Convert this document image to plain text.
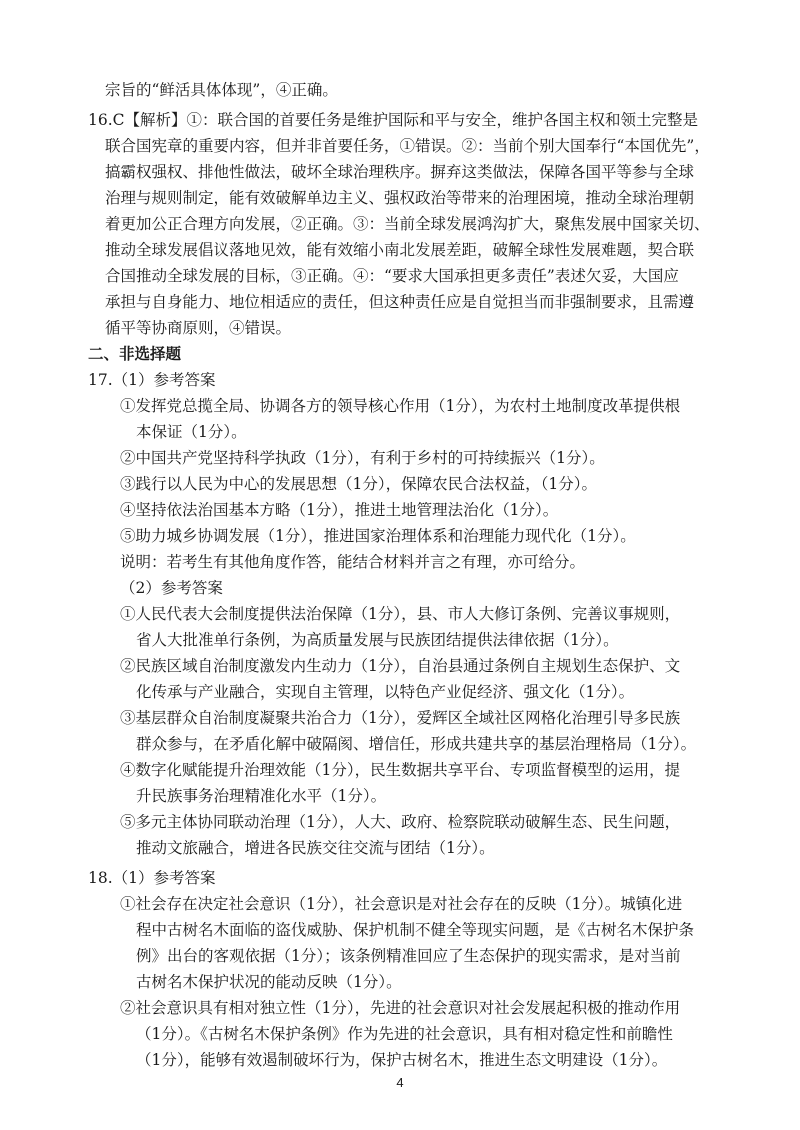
宗旨的“鲜活具体体现”，④正确。
16.C【解析】①：联合国的首要任务是维护国际和平与安全，维护各国主权和领土完整是
联合国宪章的重要内容，但并非首要任务，①错误。②：当前个别大国奉行“本国优先”，
搞霸权强权、排他性做法，破坏全球治理秩序。摒弃这类做法，保障各国平等参与全球
治理与规则制定，能有效破解单边主义、强权政治等带来的治理困境，推动全球治理朝
着更加公正合理方向发展，②正确。③：当前全球发展鸿沟扩大，聚焦发展中国家关切、
推动全球发展倡议落地见效，能有效缩小南北发展差距，破解全球性发展难题，契合联
合国推动全球发展的目标，③正确。④：“要求大国承担更多责任”表述欠妥，大国应
承担与自身能力、地位相适应的责任，但这种责任应是自觉担当而非强制要求，且需遵
循平等协商原则，④错误。
二、非选择题
17.（1）参考答案
①发挥党总揽全局、协调各方的领导核心作用（1分），为农村土地制度改革提供根
本保证（1分）。
②中国共产党坚持科学执政（1分），有利于乡村的可持续振兴（1分）。
③践行以人民为中心的发展思想（1分），保障农民合法权益，（1分）。
④坚持依法治国基本方略（1分），推进土地管理法治化（1分）。
⑤助力城乡协调发展（1分），推进国家治理体系和治理能力现代化（1分）。
说明：若考生有其他角度作答，能结合材料并言之有理，亦可给分。
（2）参考答案
①人民代表大会制度提供法治保障（1分），县、市人大修订条例、完善议事规则，
省人大批准单行条例，为高质量发展与民族团结提供法律依据（1分）。
②民族区域自治制度激发内生动力（1分），自治县通过条例自主规划生态保护、文
化传承与产业融合，实现自主管理，以特色产业促经济、强文化（1分）。
③基层群众自治制度凝聚共治合力（1分），爱辉区全域社区网格化治理引导多民族
群众参与，在矛盾化解中破隔阂、增信任，形成共建共享的基层治理格局（1分）。
④数字化赋能提升治理效能（1分），民生数据共享平台、专项监督模型的运用，提
升民族事务治理精准化水平（1分）。
⑤多元主体协同联动治理（1分），人大、政府、检察院联动破解生态、民生问题，
推动文旅融合，增进各民族交往交流与团结（1分）。
18.（1）参考答案
①社会存在决定社会意识（1分），社会意识是对社会存在的反映（1分）。城镇化进
程中古树名木面临的盗伐威胁、保护机制不健全等现实问题，是《古树名木保护条
例》出台的客观依据（1分）；该条例精准回应了生态保护的现实需求，是对当前
古树名木保护状况的能动反映（1分）。
②社会意识具有相对独立性（1分），先进的社会意识对社会发展起积极的推动作用
（1分）。《古树名木保护条例》作为先进的社会意识，具有相对稳定性和前瞻性
（1分），能够有效遏制破坏行为，保护古树名木，推进生态文明建设（1分）。
4
